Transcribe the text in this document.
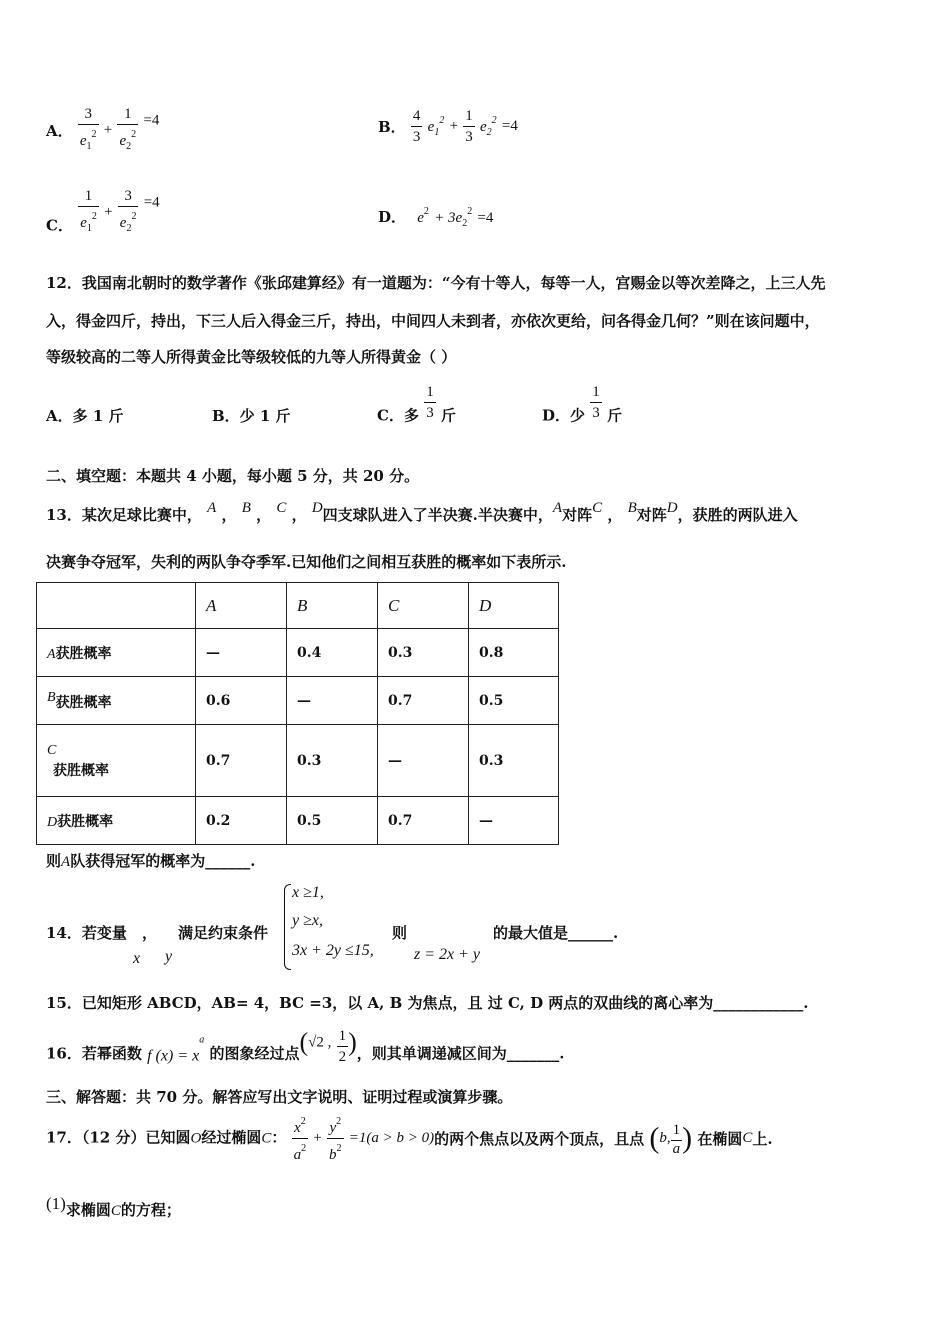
A． $\frac{3}{e_1^2} + \frac{1}{e_2^2} =4$	B． $\frac{4}{3} e_1^2 + \frac{1}{3} e_2^2 =4$
C． $\frac{1}{e_1^2} + \frac{3}{e_2^2} =4$
D． $e^2 + 3e_2^2 =4$
12．我国南北朝时的数学著作《张邱建算经》有一道题为：“今有十等人，每等一人，宫赐金以等次差降之，上三人先
入，得金四斤，持出，下三人后入得金三斤，持出，中间四人未到者，亦依次更给，问各得金几何？”则在该问题中，
等级较高的二等人所得黄金比等级较低的九等人所得黄金（ ）
A．多 1 斤	B．少 1 斤	C．多 $\frac{1}{3}$ 斤	D．少 $\frac{1}{3}$ 斤
二、填空题：本题共 4 小题，每小题 5 分，共 20 分。
13．某次足球比赛中， A ， B ， C ， D四支球队进入了半决赛.半决赛中，A对阵C ， B对阵D，获胜的两队进入
决赛争夺冠军，失利的两队争夺季军.已知他们之间相互获胜的概率如下表所示.
	A	B	C	D
A获胜概率	—	0.4	0.3	0.8
B获胜概率	0.6	—	0.7	0.5

C
获胜概率	0.7	0.3	—	0.3
D获胜概率	0.2	0.5	0.7	—
则A队获得冠军的概率为______.
14．若变量 ， 满足约束条件
x y
x ≥1,
y ≥x,
3x + 2y ≤15,
则
z = 2x + y
的最大值是______.
15．已知矩形 ABCD，AB= 4，BC =3，以 A, B 为焦点，且 过 C, D 两点的双曲线的离心率为____________.
16．若幂函数 f $(x) = x^a$ 的图象经过点(√2 , $\frac{1}{2}$ )，则其单调递减区间为_______.
三、解答题：共 70 分。解答应写出文字说明、证明过程或演算步骤。
17．（12 分）已知圆O经过椭圆C： $\frac{x^2}{a^2} + \frac{y^2}{b^2} =1(a > b > 0)$的两个焦点以及两个顶点，且点 (b, $\frac{1}{a}$) 在椭圆C上.
(1)求椭圆C的方程；
